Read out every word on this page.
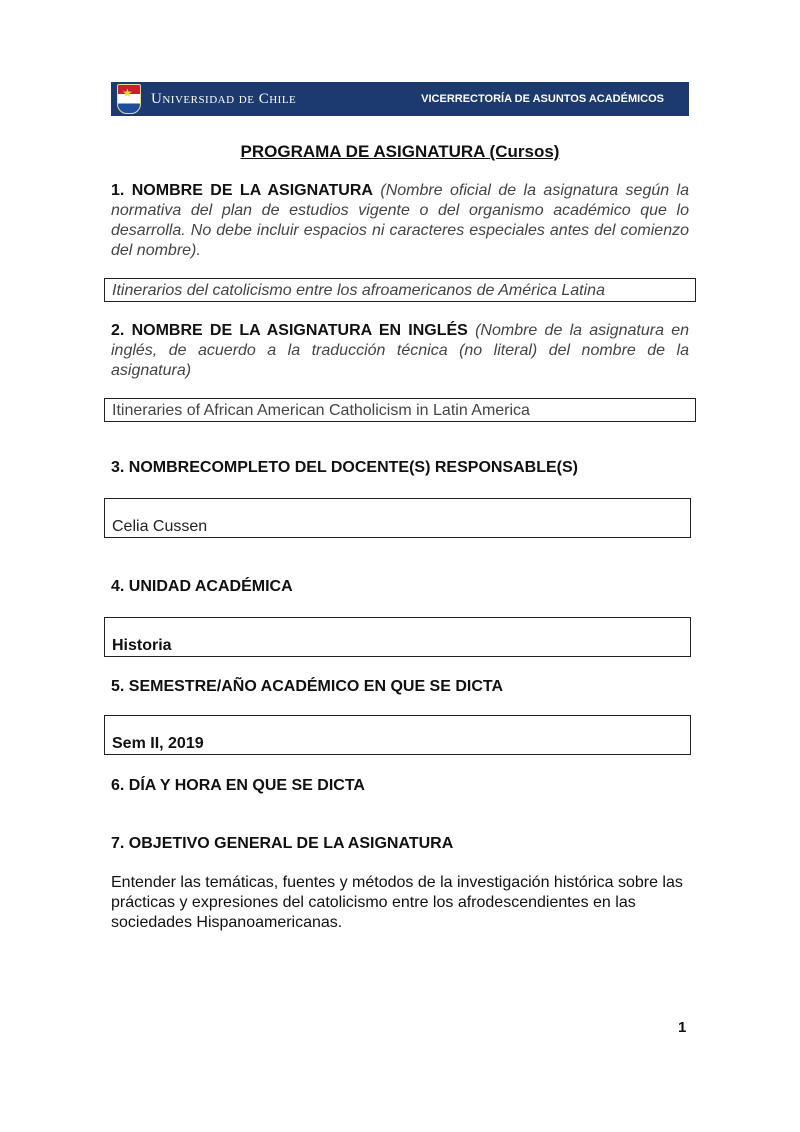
★ Universidad de Chile	VICERRECTORÍA DE ASUNTOS ACADÉMICOS
PROGRAMA DE ASIGNATURA (Cursos)
1. NOMBRE DE LA ASIGNATURA (Nombre oficial de la asignatura según la normativa del plan de estudios vigente o del organismo académico que lo desarrolla. No debe incluir espacios ni caracteres especiales antes del comienzo del nombre).
Itinerarios del catolicismo entre los afroamericanos de América Latina
2. NOMBRE DE LA ASIGNATURA EN INGLÉS (Nombre de la asignatura en inglés, de acuerdo a la traducción técnica (no literal) del nombre de la asignatura)
Itineraries of African American Catholicism in Latin America
3. NOMBRECOMPLETO DEL DOCENTE(S) RESPONSABLE(S)
Celia Cussen
4. UNIDAD ACADÉMICA
Historia
5. SEMESTRE/AÑO ACADÉMICO EN QUE SE DICTA
Sem II, 2019
6. DÍA Y HORA EN QUE SE DICTA
7. OBJETIVO GENERAL DE LA ASIGNATURA
Entender las temáticas, fuentes y métodos de la investigación histórica sobre las prácticas y expresiones del catolicismo entre los afrodescendientes en las sociedades Hispanoamericanas.
1
